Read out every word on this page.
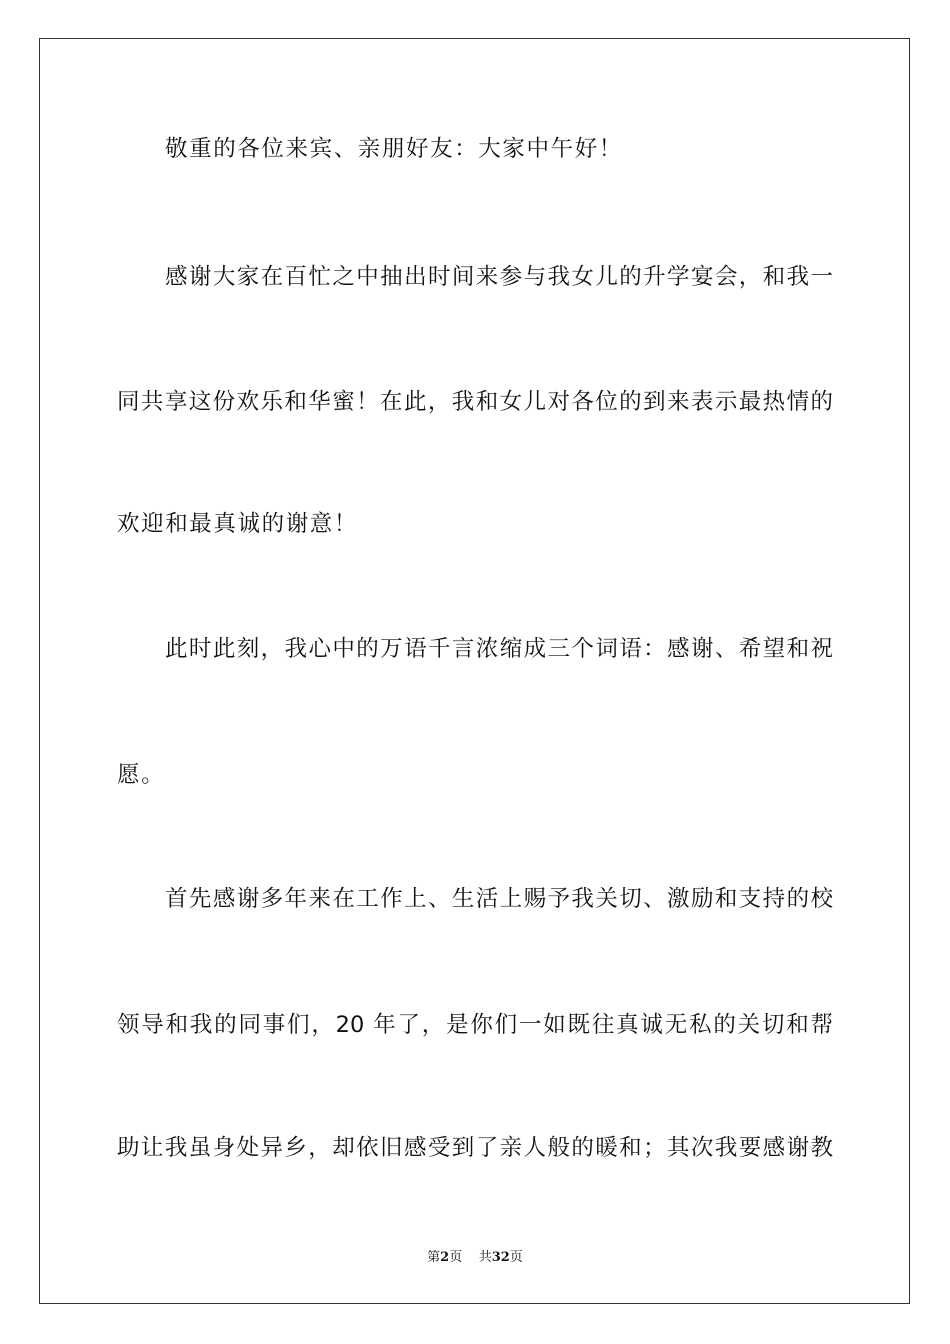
敬重的各位来宾、亲朋好友：大家中午好！
感谢大家在百忙之中抽出时间来参与我女儿的升学宴会，和我一
同共享这份欢乐和华蜜！在此，我和女儿对各位的到来表示最热情的
欢迎和最真诚的谢意！
此时此刻，我心中的万语千言浓缩成三个词语：感谢、希望和祝
愿。
首先感谢多年来在工作上、生活上赐予我关切、激励和支持的校
领导和我的同事们，20 年了，是你们一如既往真诚无私的关切和帮
助让我虽身处异乡，却依旧感受到了亲人般的暖和；其次我要感谢教
第2页 共32页
